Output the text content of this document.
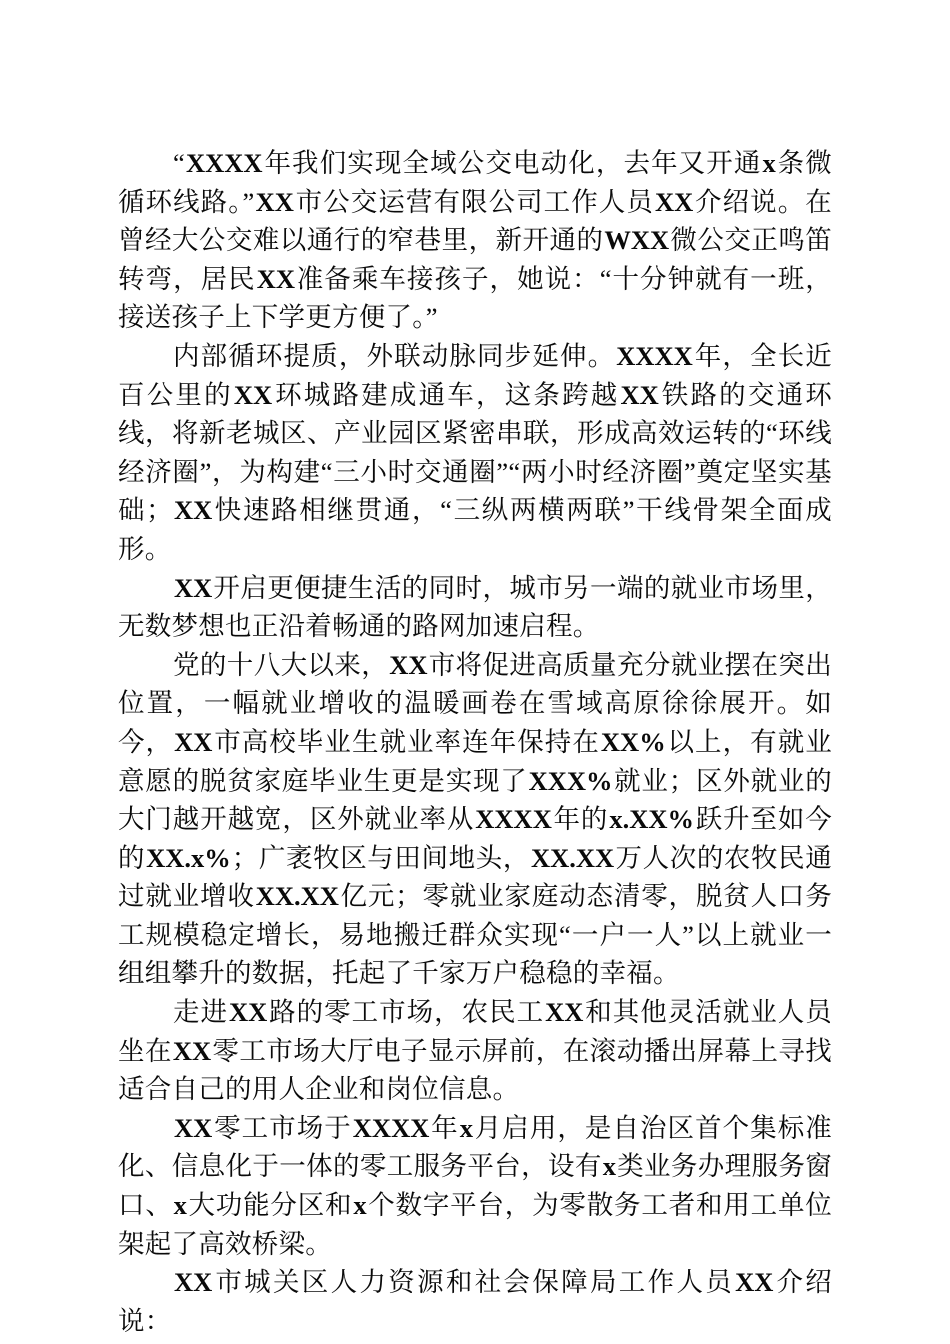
“XXXX年我们实现全域公交电动化，去年又开通x条微循环线路。”XX市公交运营有限公司工作人员XX介绍说。在曾经大公交难以通行的窄巷里，新开通的WXX微公交正鸣笛转弯，居民XX准备乘车接孩子，她说：“十分钟就有一班，接送孩子上下学更方便了。”

内部循环提质，外联动脉同步延伸。XXXX年，全长近百公里的XX环城路建成通车，这条跨越XX铁路的交通环线，将新老城区、产业园区紧密串联，形成高效运转的“环线经济圈”，为构建“三小时交通圈”“两小时经济圈”奠定坚实基础；XX快速路相继贯通，“三纵两横两联”干线骨架全面成形。

XX开启更便捷生活的同时，城市另一端的就业市场里，无数梦想也正沿着畅通的路网加速启程。

党的十八大以来，XX市将促进高质量充分就业摆在突出位置，一幅就业增收的温暖画卷在雪域高原徐徐展开。如今，XX市高校毕业生就业率连年保持在XX%以上，有就业意愿的脱贫家庭毕业生更是实现了XXX%就业；区外就业的大门越开越宽，区外就业率从XXXX年的x.XX%跃升至如今的XX.x%；广袤牧区与田间地头，XX.XX万人次的农牧民通过就业增收XX.XX亿元；零就业家庭动态清零，脱贫人口务工规模稳定增长，易地搬迁群众实现“一户一人”以上就业一组组攀升的数据，托起了千家万户稳稳的幸福。

走进XX路的零工市场，农民工XX和其他灵活就业人员坐在XX零工市场大厅电子显示屏前，在滚动播出屏幕上寻找适合自己的用人企业和岗位信息。

XX零工市场于XXXX年x月启用，是自治区首个集标准化、信息化于一体的零工服务平台，设有x类业务办理服务窗口、x大功能分区和x个数字平台，为零散务工者和用工单位架起了高效桥梁。

XX市城关区人力资源和社会保障局工作人员XX介绍说：
